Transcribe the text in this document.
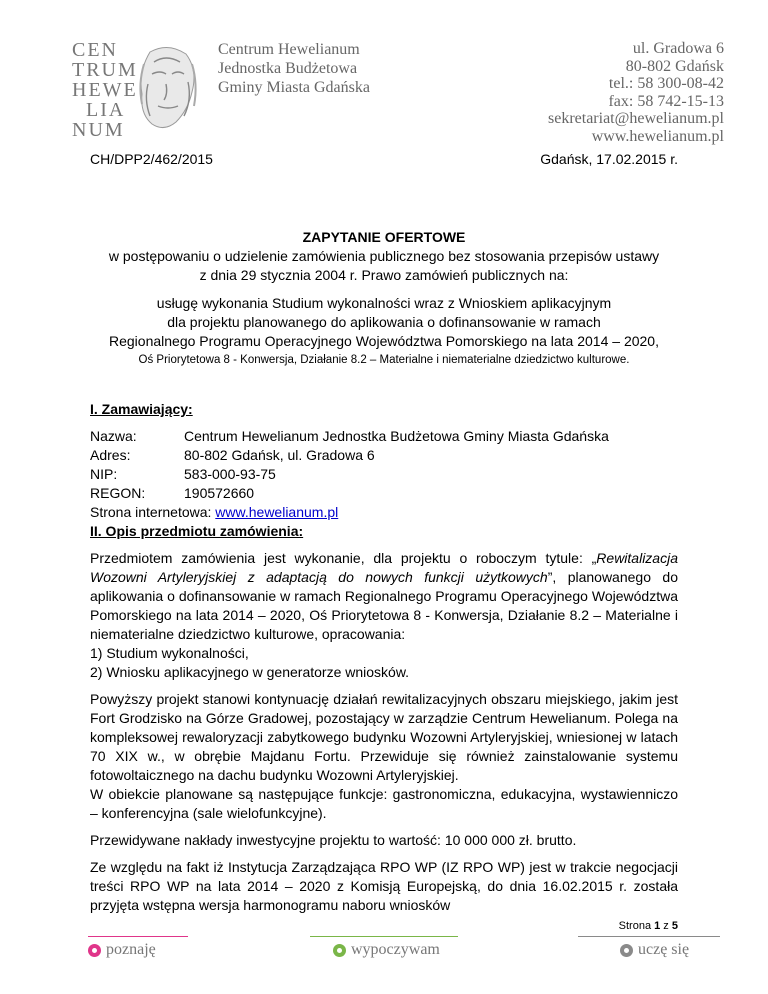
CEN
TRUM
HEWE
LIA
NUM
Centrum Hewelianum
Jednostka Budżetowa
Gminy Miasta Gdańska
ul. Gradowa 6
80-802 Gdańsk
tel.: 58 300-08-42
fax: 58 742-15-13
sekretariat@hewelianum.pl
www.hewelianum.pl
CH/DPP2/462/2015	Gdańsk, 17.02.2015 r.
ZAPYTANIE OFERTOWE
w postępowaniu o udzielenie zamówienia publicznego bez stosowania przepisów ustawy
z dnia 29 stycznia 2004 r. Prawo zamówień publicznych na:
usługę wykonania Studium wykonalności wraz z Wnioskiem aplikacyjnym
dla projektu planowanego do aplikowania o dofinansowanie w ramach
Regionalnego Programu Operacyjnego Województwa Pomorskiego na lata 2014 – 2020,
Oś Priorytetowa 8 - Konwersja, Działanie 8.2 – Materialne i niematerialne dziedzictwo kulturowe.
I. Zamawiający:
Nazwa:	Centrum Hewelianum Jednostka Budżetowa Gminy Miasta Gdańska
Adres:	80-802 Gdańsk, ul. Gradowa 6
NIP:	583-000-93-75
REGON:	190572660
Strona internetowa: www.hewelianum.pl
II. Opis przedmiotu zamówienia:
Przedmiotem zamówienia jest wykonanie, dla projektu o roboczym tytule: „Rewitalizacja Wozowni Artyleryjskiej z adaptacją do nowych funkcji użytkowych”, planowanego do aplikowania o dofinansowanie w ramach Regionalnego Programu Operacyjnego Województwa Pomorskiego na lata 2014 – 2020, Oś Priorytetowa 8 - Konwersja, Działanie 8.2 – Materialne i niematerialne dziedzictwo kulturowe, opracowania:
1) Studium wykonalności,
2) Wniosku aplikacyjnego w generatorze wniosków.
Powyższy projekt stanowi kontynuację działań rewitalizacyjnych obszaru miejskiego, jakim jest Fort Grodzisko na Górze Gradowej, pozostający w zarządzie Centrum Hewelianum. Polega na kompleksowej rewaloryzacji zabytkowego budynku Wozowni Artyleryjskiej, wniesionej w latach 70 XIX w., w obrębie Majdanu Fortu. Przewiduje się również zainstalowanie systemu fotowoltaicznego na dachu budynku Wozowni Artyleryjskiej.
W obiekcie planowane są następujące funkcje: gastronomiczna, edukacyjna, wystawienniczo – konferencyjna (sale wielofunkcyjne).
Przewidywane nakłady inwestycyjne projektu to wartość: 10 000 000 zł. brutto.
Ze względu na fakt iż Instytucja Zarządzająca RPO WP (IZ RPO WP) jest w trakcie negocjacji treści RPO WP na lata 2014 – 2020 z Komisją Europejską, do dnia 16.02.2015 r. została przyjęta wstępna wersja harmonogramu naboru wniosków
Strona 1 z 5
poznaję	wypoczywam	uczę się
